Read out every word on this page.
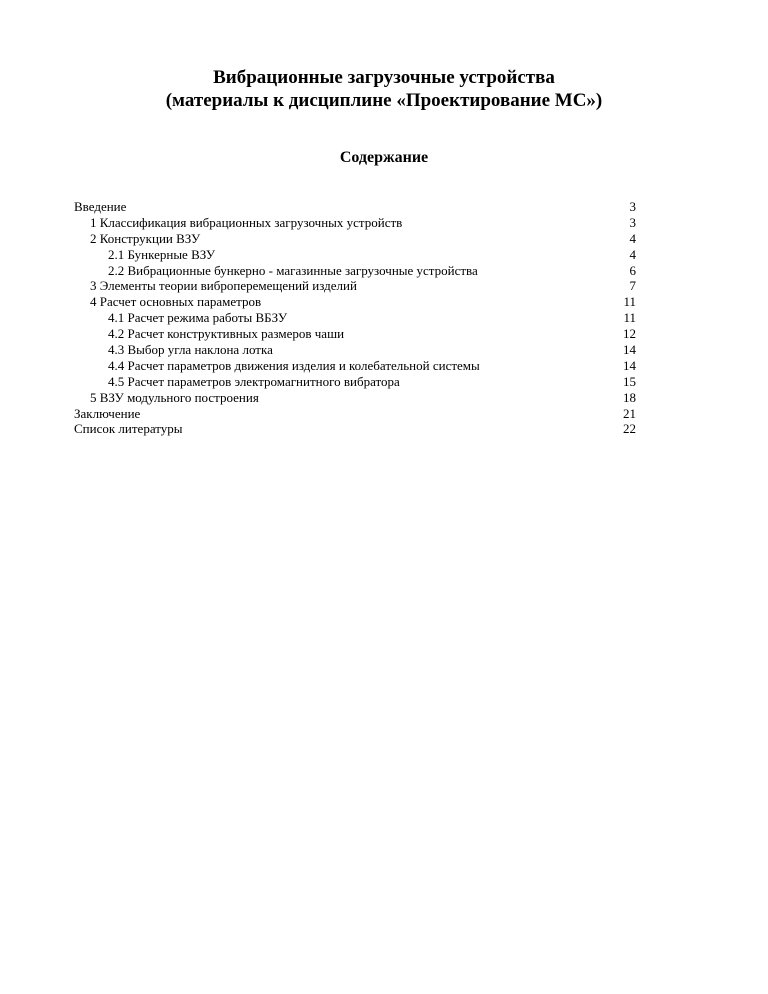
Вибрационные загрузочные устройства
(материалы к дисциплине «Проектирование МС»)
Содержание
Введение	3
1 Классификация вибрационных загрузочных устройств	3
2 Конструкции ВЗУ	4
2.1 Бункерные ВЗУ	4
2.2 Вибрационные бункерно - магазинные загрузочные устройства	6
3 Элементы теории виброперемещений изделий	7
4 Расчет основных параметров	11
4.1 Расчет режима работы ВБЗУ	11
4.2 Расчет конструктивных размеров чаши	12
4.3 Выбор угла наклона лотка	14
4.4 Расчет параметров движения изделия и колебательной системы	14
4.5 Расчет параметров электромагнитного вибратора	15
5 ВЗУ модульного построения	18
Заключение	21
Список литературы	22
